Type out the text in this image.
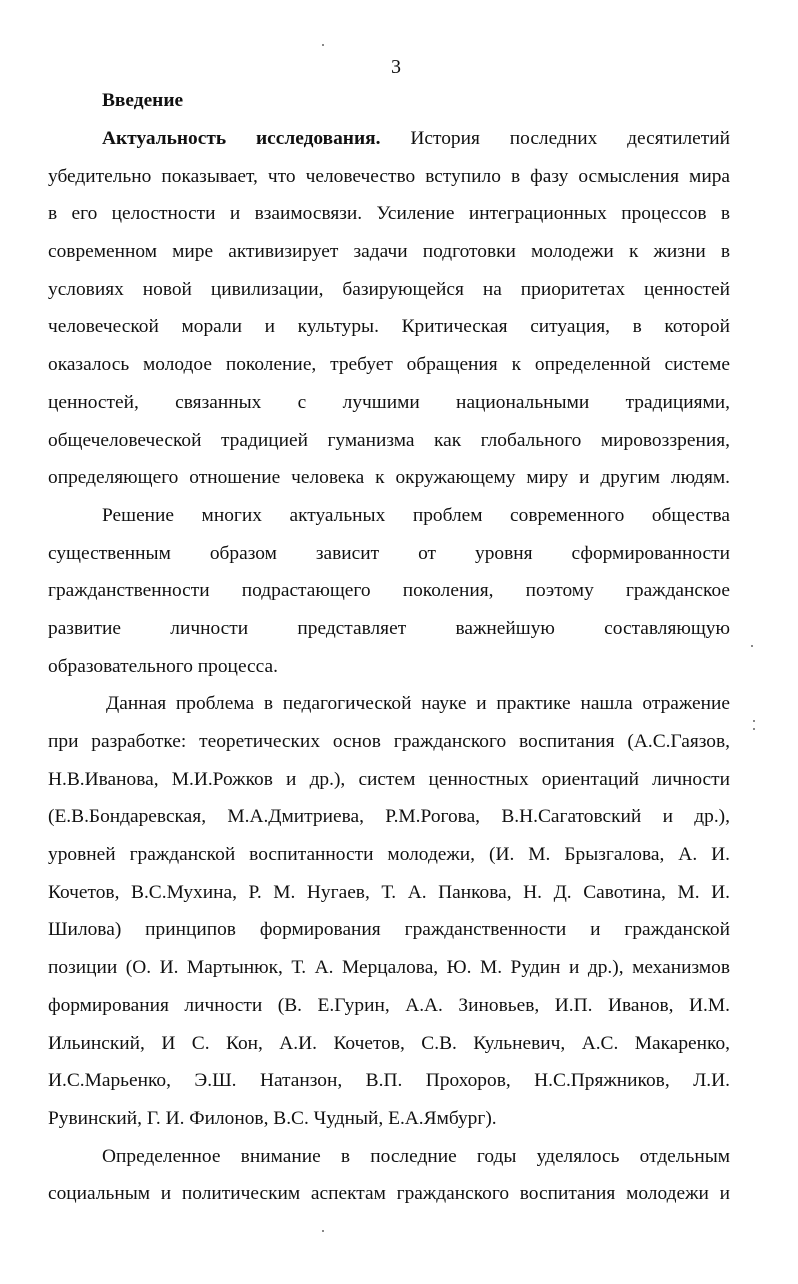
3
Введение
Актуальность исследования. История последних десятилетий
убедительно показывает, что человечество вступило в фазу осмысления мира
в его целостности и взаимосвязи. Усиление интеграционных процессов в
современном мире активизирует задачи подготовки молодежи к жизни в
условиях новой цивилизации, базирующейся на приоритетах ценностей
человеческой морали и культуры. Критическая ситуация, в которой
оказалось молодое поколение, требует обращения к определенной системе
ценностей, связанных с лучшими национальными традициями,
общечеловеческой традицией гуманизма как глобального мировоззрения,
определяющего отношение человека к окружающему миру и другим людям.
Решение многих актуальных проблем современного общества
существенным образом зависит от уровня сформированности
гражданственности подрастающего поколения, поэтому гражданское
развитие личности представляет важнейшую составляющую
образовательного процесса.
Данная проблема в педагогической науке и практике нашла отражение
при разработке: теоретических основ гражданского воспитания (А.С.Гаязов,
Н.В.Иванова, М.И.Рожков и др.), систем ценностных ориентаций личности
(Е.В.Бондаревская, М.А.Дмитриева, Р.М.Рогова, В.Н.Сагатовский и др.),
уровней гражданской воспитанности молодежи, (И. М. Брызгалова, А. И.
Кочетов, В.С.Мухина, Р. М. Нугаев, Т. А. Панкова, Н. Д. Савотина, М. И.
Шилова) принципов формирования гражданственности и гражданской
позиции (О. И. Мартынюк, Т. А. Мерцалова, Ю. М. Рудин и др.), механизмов
формирования личности (В. Е.Гурин, А.А. Зиновьев, И.П. Иванов, И.М.
Ильинский, И С. Кон, А.И. Кочетов, С.В. Кульневич, А.С. Макаренко,
И.С.Марьенко, Э.Ш. Натанзон, В.П. Прохоров, Н.С.Пряжников, Л.И.
Рувинский, Г. И. Филонов, В.С. Чудный, Е.А.Ямбург).
Определенное внимание в последние годы уделялось отдельным
социальным и политическим аспектам гражданского воспитания молодежи и
